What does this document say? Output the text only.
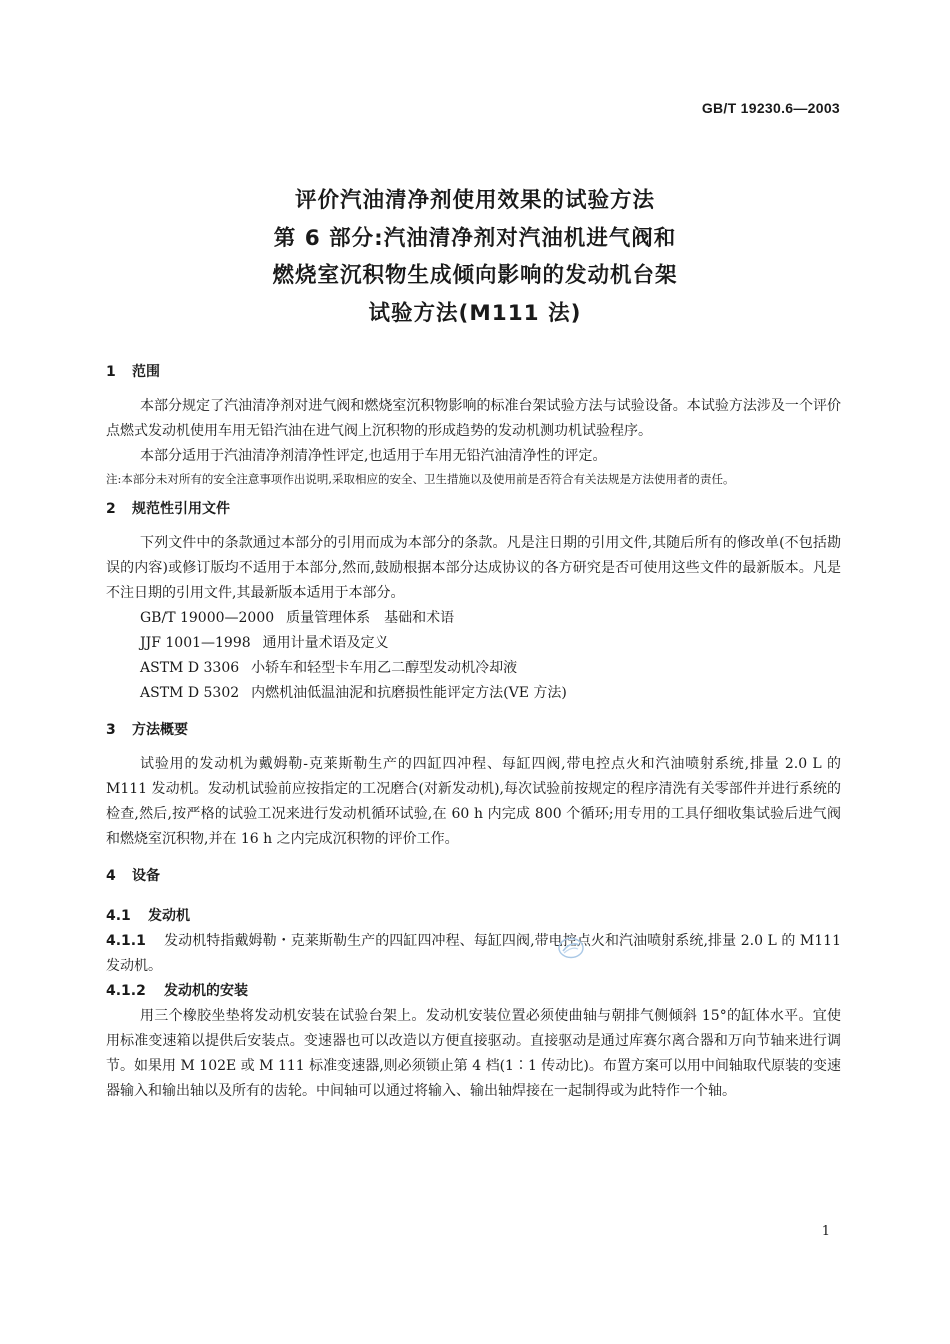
GB/T 19230.6—2003
评价汽油清净剂使用效果的试验方法
第 6 部分:汽油清净剂对汽油机进气阀和
燃烧室沉积物生成倾向影响的发动机台架
试验方法(M111 法)
1 范围

本部分规定了汽油清净剂对进气阀和燃烧室沉积物影响的标准台架试验方法与试验设备。本试验方法涉及一个评价点燃式发动机使用车用无铅汽油在进气阀上沉积物的形成趋势的发动机测功机试验程序。

本部分适用于汽油清净剂清净性评定,也适用于车用无铅汽油清净性的评定。

注:本部分未对所有的安全注意事项作出说明,采取相应的安全、卫生措施以及使用前是否符合有关法规是方法使用者的责任。

2 规范性引用文件

下列文件中的条款通过本部分的引用而成为本部分的条款。凡是注日期的引用文件,其随后所有的修改单(不包括勘误的内容)或修订版均不适用于本部分,然而,鼓励根据本部分达成协议的各方研究是否可使用这些文件的最新版本。凡是不注日期的引用文件,其最新版本适用于本部分。

GB/T 19000—2000 质量管理体系　基础和术语
JJF 1001—1998 通用计量术语及定义
ASTM D 3306 小轿车和轻型卡车用乙二醇型发动机冷却液
ASTM D 5302 内燃机油低温油泥和抗磨损性能评定方法(VE 方法)
3 方法概要

试验用的发动机为戴姆勒-克莱斯勒生产的四缸四冲程、每缸四阀,带电控点火和汽油喷射系统,排量 2.0 L 的 M111 发动机。发动机试验前应按指定的工况磨合(对新发动机),每次试验前按规定的程序清洗有关零部件并进行系统的检查,然后,按严格的试验工况来进行发动机循环试验,在 60 h 内完成 800 个循环;用专用的工具仔细收集试验后进气阀和燃烧室沉积物,并在 16 h 之内完成沉积物的评价工作。

4 设备
4.1 发动机

4.1.1 发动机特指戴姆勒・克莱斯勒生产的四缸四冲程、每缸四阀,带电控点火和汽油喷射系统,排量 2.0 L 的 M111 发动机。

4.1.2 发动机的安装

用三个橡胶坐垫将发动机安装在试验台架上。发动机安装位置必须使曲轴与朝排气侧倾斜 15°的缸体水平。宜使用标准变速箱以提供后安装点。变速器也可以改造以方便直接驱动。直接驱动是通过库赛尔离合器和万向节轴来进行调节。如果用 M 102E 或 M 111 标准变速器,则必须锁止第 4 档(1∶1 传动比)。布置方案可以用中间轴取代原装的变速器输入和输出轴以及所有的齿轮。中间轴可以通过将输入、输出轴焊接在一起制得或为此特作一个轴。

1
